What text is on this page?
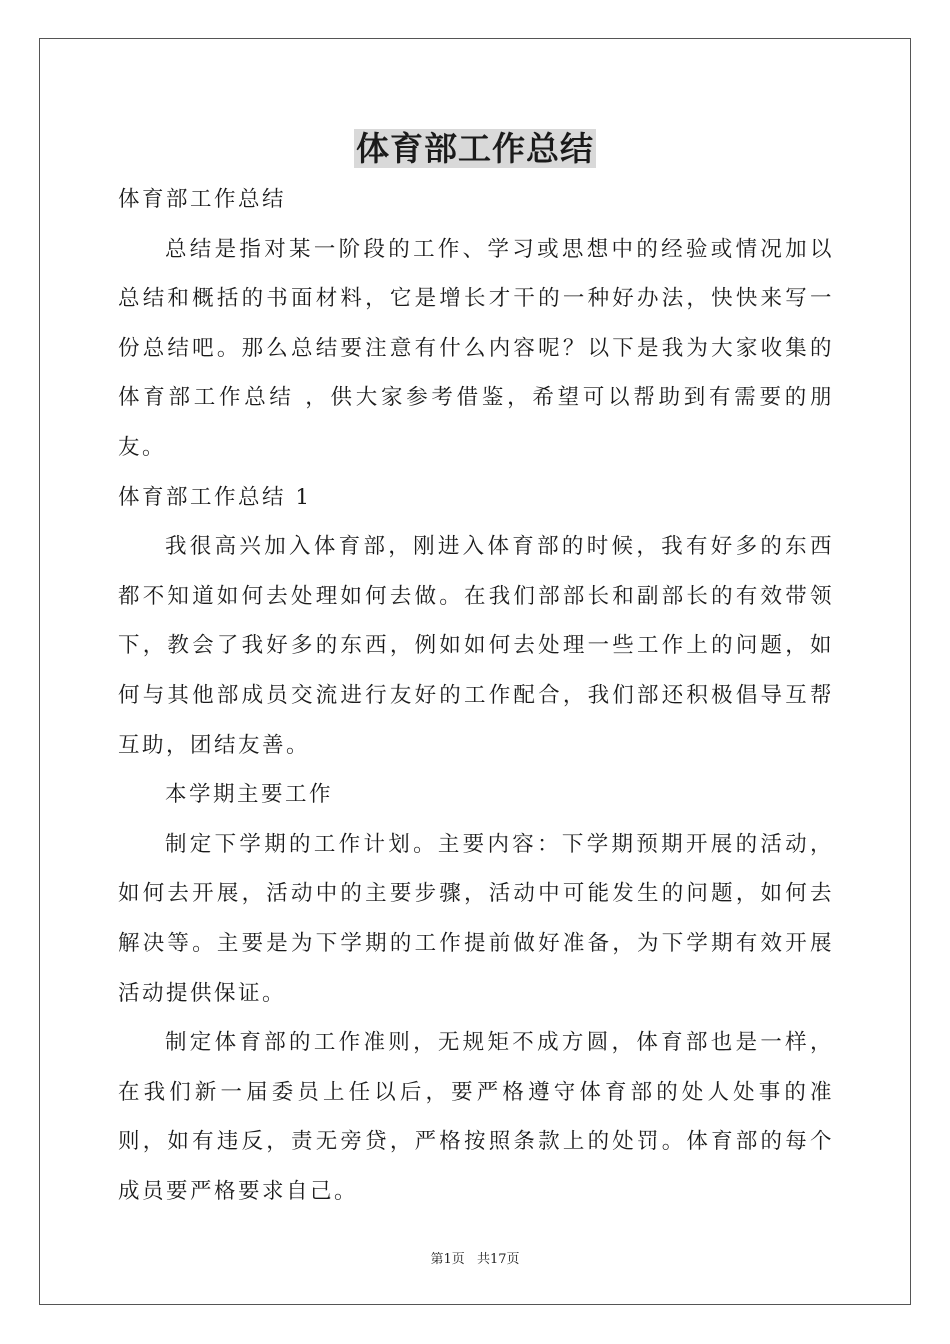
体育部工作总结

体育部工作总结

总结是指对某一阶段的工作、学习或思想中的经验或情况加以总结和概括的书面材料，它是增长才干的一种好办法，快快来写一份总结吧。那么总结要注意有什么内容呢？以下是我为大家收集的体育部工作总结 ，供大家参考借鉴，希望可以帮助到有需要的朋友。

体育部工作总结 1

我很高兴加入体育部，刚进入体育部的时候，我有好多的东西都不知道如何去处理如何去做。在我们部部长和副部长的有效带领下，教会了我好多的东西，例如如何去处理一些工作上的问题，如何与其他部成员交流进行友好的工作配合，我们部还积极倡导互帮互助，团结友善。

本学期主要工作

制定下学期的工作计划。主要内容：下学期预期开展的活动，如何去开展，活动中的主要步骤，活动中可能发生的问题，如何去解决等。主要是为下学期的工作提前做好准备，为下学期有效开展活动提供保证。

制定体育部的工作准则，无规矩不成方圆，体育部也是一样，在我们新一届委员上任以后，要严格遵守体育部的处人处事的准则，如有违反，责无旁贷，严格按照条款上的处罚。体育部的每个成员要严格要求自己。

第1页 共17页
